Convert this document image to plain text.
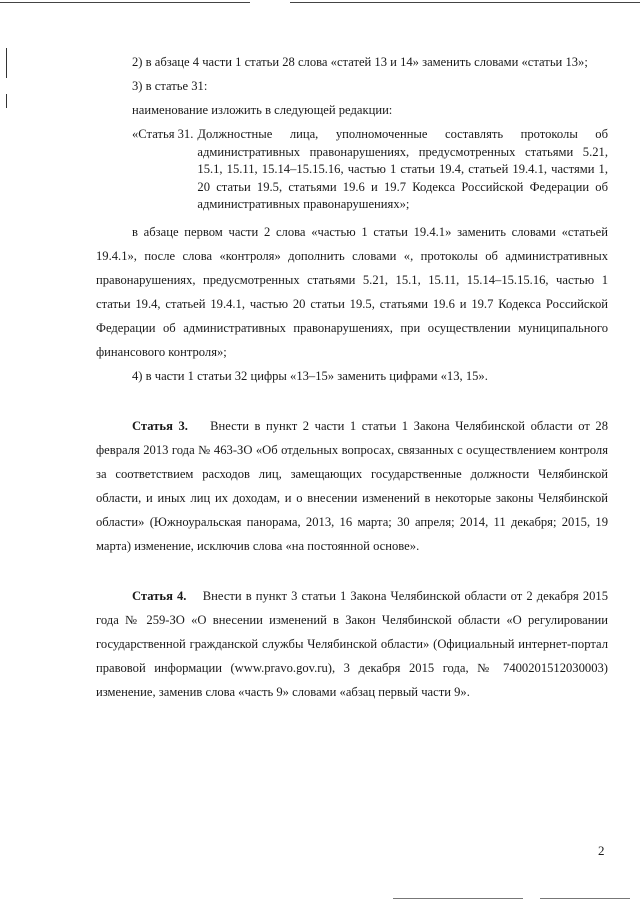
2) в абзаце 4 части 1 статьи 28 слова «статей 13 и 14» заменить словами «статьи 13»;

3) в статье 31:

наименование изложить в следующей редакции:

«Статья 31. Должностные лица, уполномоченные составлять протоколы об административных правонарушениях, предусмотренных статьями 5.21, 15.1, 15.11, 15.14–15.15.16, частью 1 статьи 19.4, статьей 19.4.1, частями 1, 20 статьи 19.5, статьями 19.6 и 19.7 Кодекса Российской Федерации об административных правонарушениях»;

в абзаце первом части 2 слова «частью 1 статьи 19.4.1» заменить словами «статьей 19.4.1», после слова «контроля» дополнить словами «, протоколы об административных правонарушениях, предусмотренных статьями 5.21, 15.1, 15.11, 15.14–15.15.16, частью 1 статьи 19.4, статьей 19.4.1, частью 20 статьи 19.5, статьями 19.6 и 19.7 Кодекса Российской Федерации об административных правонарушениях, при осуществлении муниципального финансового контроля»;

4) в части 1 статьи 32 цифры «13–15» заменить цифрами «13, 15».

Статья 3. Внести в пункт 2 части 1 статьи 1 Закона Челябинской области от 28 февраля 2013 года № 463-ЗО «Об отдельных вопросах, связанных с осуществлением контроля за соответствием расходов лиц, замещающих государственные должности Челябинской области, и иных лиц их доходам, и о внесении изменений в некоторые законы Челябинской области» (Южноуральская панорама, 2013, 16 марта; 30 апреля; 2014, 11 декабря; 2015, 19 марта) изменение, исключив слова «на постоянной основе».

Статья 4. Внести в пункт 3 статьи 1 Закона Челябинской области от 2 декабря 2015 года № 259-ЗО «О внесении изменений в Закон Челябинской области «О регулировании государственной гражданской службы Челябинской области» (Официальный интернет-портал правовой информации (www.pravo.gov.ru), 3 декабря 2015 года, № 7400201512030003) изменение, заменив слова «часть 9» словами «абзац первый части 9».

2
